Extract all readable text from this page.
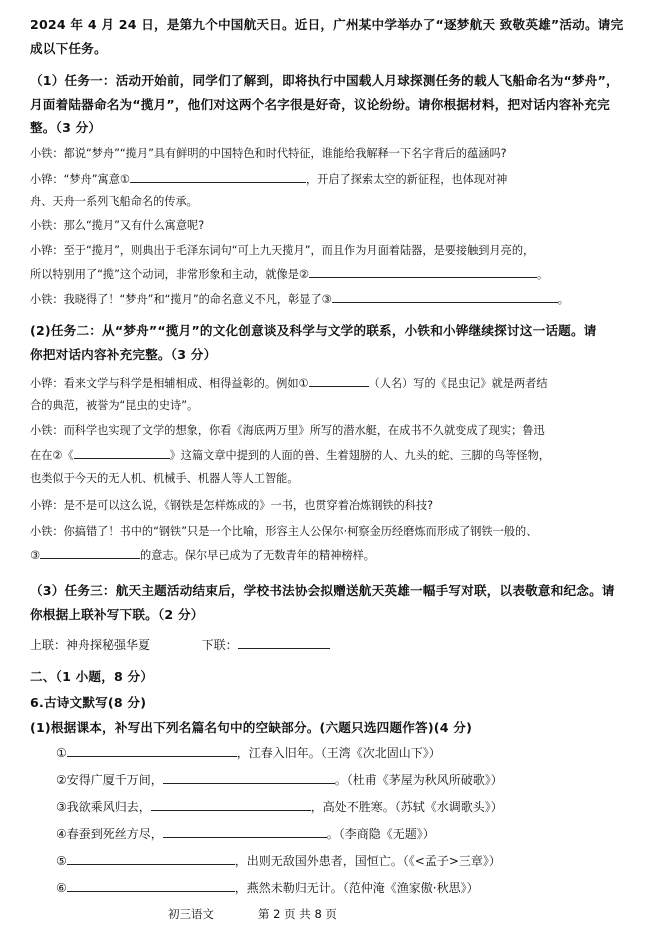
2024 年 4 月 24 日，是第九个中国航天日。近日，广州某中学举办了“逐梦航天 致敬英雄”活动。请完
成以下任务。
（1）任务一：活动开始前，同学们了解到，即将执行中国载人月球探测任务的载人飞船命名为“梦舟”，
月面着陆器命名为“揽月”，他们对这两个名字很是好奇，议论纷纷。请你根据材料，把对话内容补充完
整。（3 分）
小铁：都说“梦舟”“揽月”具有鲜明的中国特色和时代特征，谁能给我解释一下名字背后的蕴涵吗?
小铧：“梦舟”寓意①	，开启了探索太空的新征程，也体现对神
舟、天舟一系列飞船命名的传承。
小铁：那么“揽月”又有什么寓意呢?
小铧：至于“揽月”，则典出于毛泽东词句“可上九天揽月”，而且作为月面着陆器，是要接触到月亮的，
所以特别用了“揽”这个动词，非常形象和主动，就像是②	。
小铁：我晓得了！“梦舟”和“揽月”的命名意义不凡，彰显了③	。
(2)任务二：从“梦舟”“揽月”的文化创意谈及科学与文学的联系，小铁和小铧继续探讨这一话题。请
你把对话内容补充完整。（3 分）
小铧：看来文学与科学是相辅相成、相得益彰的。例如①	（人名）写的《昆虫记》就是两者结
合的典范，被誉为“昆虫的史诗”。
小铁：而科学也实现了文学的想象，你看《海底两万里》所写的潜水艇，在成书不久就变成了现实；鲁迅
在在②《	》这篇文章中提到的人面的兽、生着翅膀的人、九头的蛇、三脚的鸟等怪物，
也类似于今天的无人机、机械手、机器人等人工智能。
小铧：是不是可以这么说，《钢铁是怎样炼成的》一书，也贯穿着冶炼钢铁的科技?
小铁：你搞错了！书中的“钢铁”只是一个比喻，形容主人公保尔·柯察金历经磨炼而形成了钢铁一般的、
③	的意志。保尔早已成为了无数青年的精神榜样。
（3）任务三：航天主题活动结束后，学校书法协会拟赠送航天英雄一幅手写对联，以表敬意和纪念。请
你根据上联补写下联。（2 分）
上联：神舟探秘强华夏	下联：
二、（1 小题，8 分）
6.古诗文默写(8 分)
(1)根据课本，补写出下列名篇名句中的空缺部分。(六题只选四题作答)(4 分)
①	，江春入旧年。（王湾《次北固山下》）
②安得广厦千万间，	。（杜甫《茅屋为秋风所破歌》）
③我欲乘风归去，	，高处不胜寒。（苏轼《水调歌头》）
④春蚕到死丝方尽，	。（李商隐《无题》）
⑤	，出则无敌国外患者，国恒亡。（《<孟子>三章》）
⑥	，燕然未勒归无计。（范仲淹《渔家傲·秋思》）
初三语文	第 2 页 共 8 页
